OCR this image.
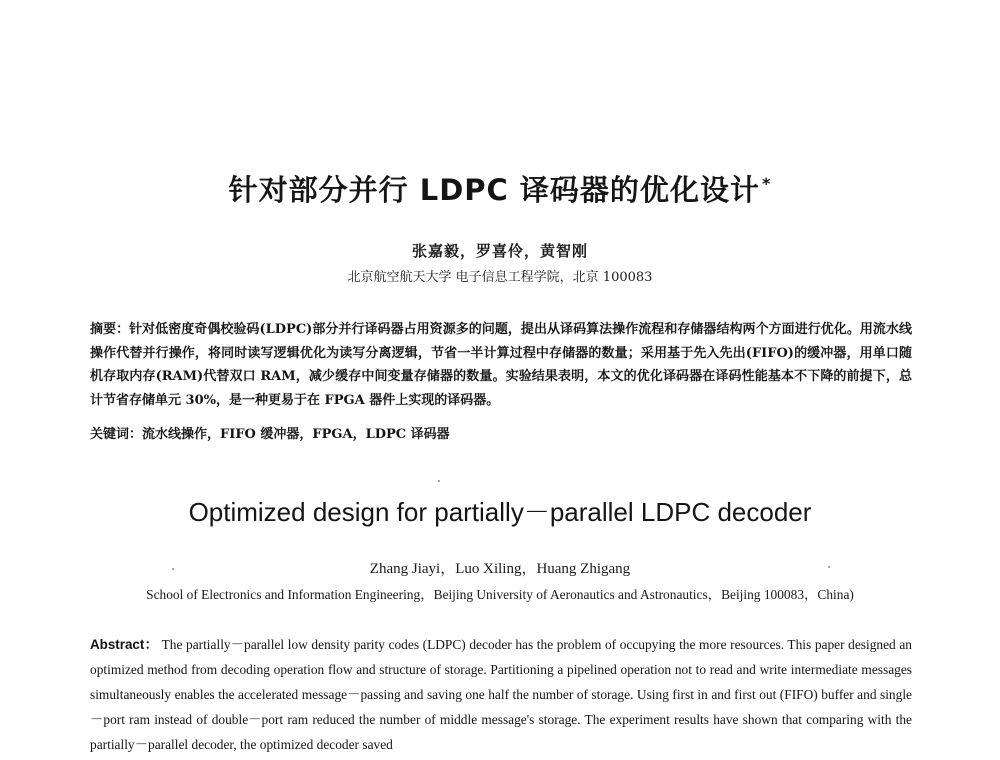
针对部分并行 LDPC 译码器的优化设计 *
张嘉毅，罗喜伶，黄智刚
北京航空航天大学 电子信息工程学院，北京 100083
摘要：针对低密度奇偶校验码(LDPC)部分并行译码器占用资源多的问题，提出从译码算法操作流程和存储器结构两个方面进行优化。用流水线操作代替并行操作，将同时读写逻辑优化为读写分离逻辑，节省一半计算过程中存储器的数量；采用基于先入先出(FIFO)的缓冲器，用单口随机存取内存(RAM)代替双口 RAM，减少缓存中间变量存储器的数量。实验结果表明，本文的优化译码器在译码性能基本不下降的前提下，总计节省存储单元 30%，是一种更易于在 FPGA 器件上实现的译码器。
关键词：流水线操作，FIFO 缓冲器，FPGA，LDPC 译码器
Optimized design for partially－parallel LDPC decoder
Zhang Jiayi，Luo Xiling，Huang Zhigang
School of Electronics and Information Engineering，Beijing University of Aeronautics and Astronautics，Beijing 100083，China)
Abstract： The partially－parallel low density parity codes (LDPC) decoder has the problem of occupying the more resources. This paper designed an optimized method from decoding operation flow and structure of storage. Partitioning a pipelined operation not to read and write intermediate messages simultaneously enables the accelerated message－passing and saving one half the number of storage. Using first in and first out (FIFO) buffer and single－port ram instead of double－port ram reduced the number of middle message's storage. The experiment results have shown that comparing with the partially－parallel decoder, the optimized decoder saved
